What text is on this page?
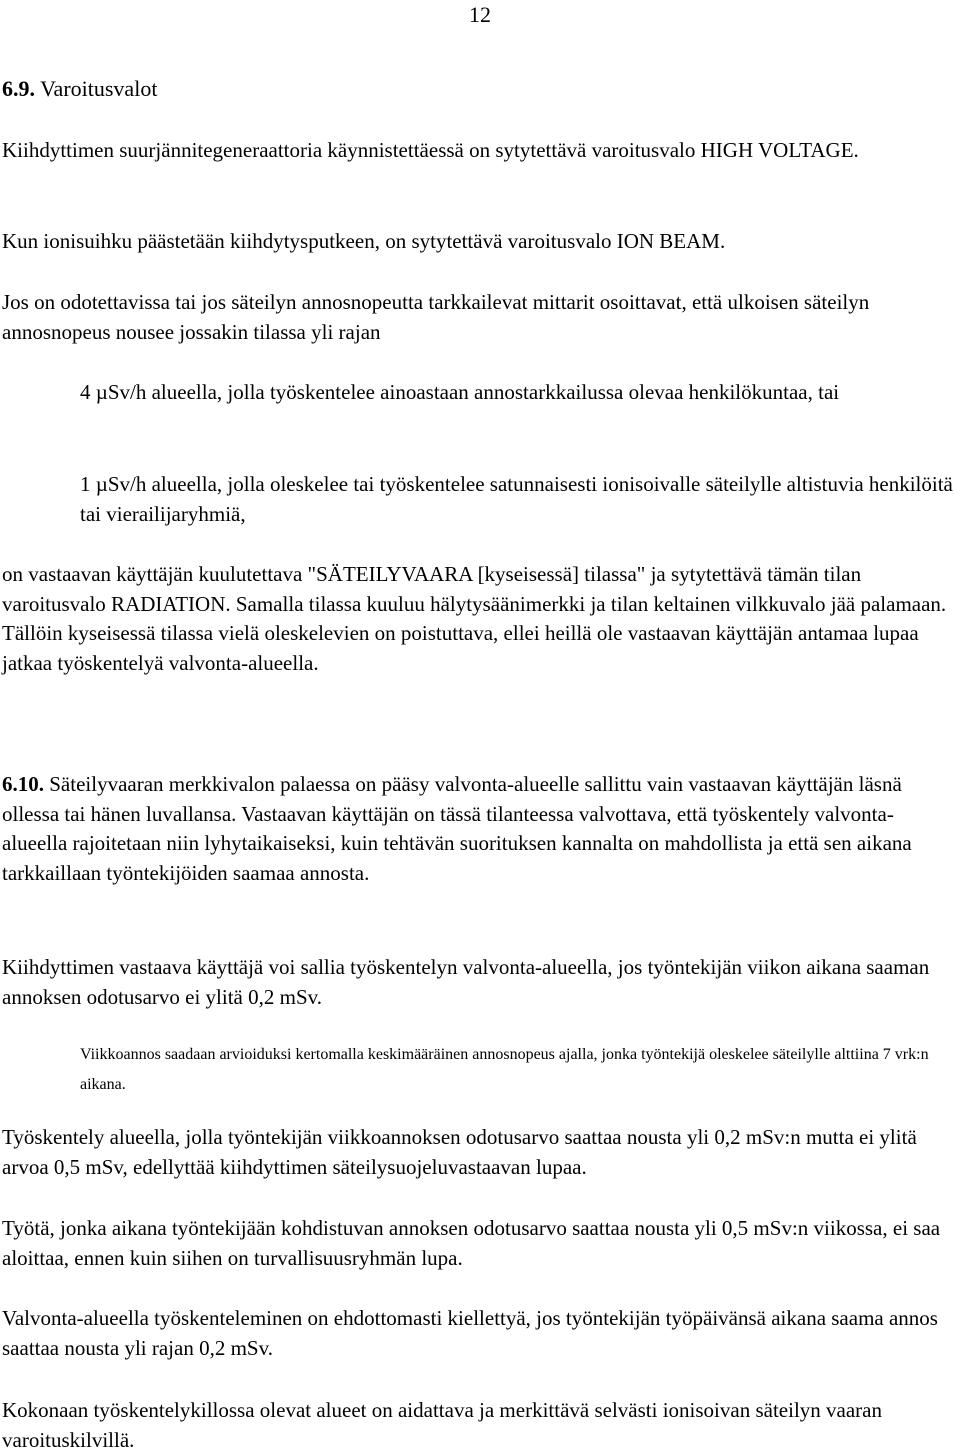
12
6.9. Varoitusvalot

Kiihdyttimen suurjännitegeneraattoria käynnistettäessä on sytytettävä varoitusvalo HIGH VOLTAGE.

Kun ionisuihku päästetään kiihdytysputkeen, on sytytettävä varoitusvalo ION BEAM.

Jos on odotettavissa tai jos säteilyn annosnopeutta tarkkailevat mittarit osoittavat, että ulkoisen säteilyn annosnopeus nousee jossakin tilassa yli rajan

4 µSv/h alueella, jolla työskentelee ainoastaan annostarkkailussa olevaa henkilökuntaa, tai

1 µSv/h alueella, jolla oleskelee tai työskentelee satunnaisesti ionisoivalle säteilylle altistuvia henkilöitä tai vierailijaryhmiä,

on vastaavan käyttäjän kuulutettava "SÄTEILYVAARA [kyseisessä] tilassa" ja sytytettävä tämän tilan varoitusvalo RADIATION. Samalla tilassa kuuluu hälytysäänimerkki ja tilan keltainen vilkkuvalo jää palamaan. Tällöin kyseisessä tilassa vielä oleskelevien on poistuttava, ellei heillä ole vastaavan käyttäjän antamaa lupaa jatkaa työskentelyä valvonta-alueella.

6.10. Säteilyvaaran merkkivalon palaessa on pääsy valvonta-alueelle sallittu vain vastaavan käyttäjän läsnä ollessa tai hänen luvallansa. Vastaavan käyttäjän on tässä tilanteessa valvottava, että työskentely valvonta-alueella rajoitetaan niin lyhytaikaiseksi, kuin tehtävän suorituksen kannalta on mahdollista ja että sen aikana tarkkaillaan työntekijöiden saamaa annosta.

Kiihdyttimen vastaava käyttäjä voi sallia työskentelyn valvonta-alueella, jos työntekijän viikon aikana saaman annoksen odotusarvo ei ylitä 0,2 mSv.

Viikkoannos saadaan arvioiduksi kertomalla keskimääräinen annosnopeus ajalla, jonka työntekijä oleskelee säteilylle alttiina 7 vrk:n aikana.

Työskentely alueella, jolla työntekijän viikkoannoksen odotusarvo saattaa nousta yli 0,2 mSv:n mutta ei ylitä arvoa 0,5 mSv, edellyttää kiihdyttimen säteilysuojeluvastaavan lupaa.

Työtä, jonka aikana työntekijään kohdistuvan annoksen odotusarvo saattaa nousta yli 0,5 mSv:n viikossa, ei saa aloittaa, ennen kuin siihen on turvallisuusryhmän lupa.

Valvonta-alueella työskenteleminen on ehdottomasti kiellettyä, jos työntekijän työpäivänsä aikana saama annos saattaa nousta yli rajan 0,2 mSv.

Kokonaan työskentelykillossa olevat alueet on aidattava ja merkittävä selvästi ionisoivan säteilyn vaaran varoituskilvillä.
